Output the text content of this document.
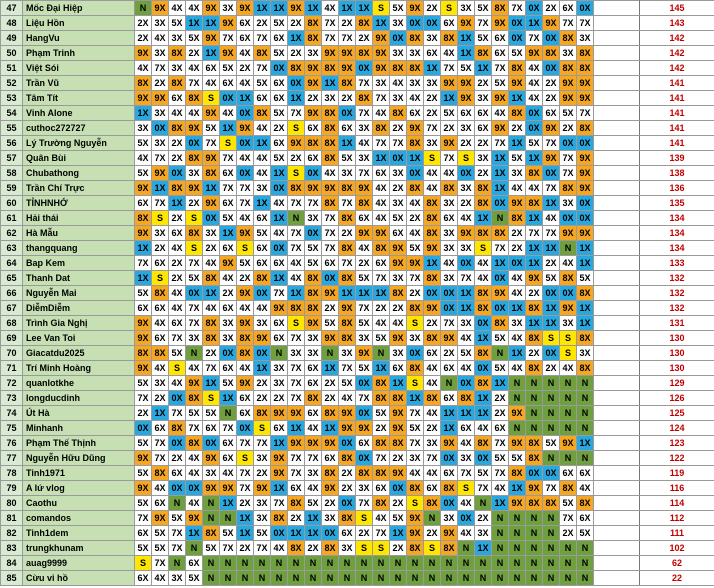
47	Mốc Đại Hiệp	N	9X	4X	4X	9X	3X	9X	1X	1X	9X	1X	4X	1X	1X	S	5X	9X	2X	S	3X	5X	8X	7X	0X	2X	6X	0X		145
48	Liệu Hồn	2X	3X	5X	1X	1X	9X	6X	2X	5X	2X	8X	7X	2X	8X	1X	3X	0X	0X	6X	9X	7X	9X	0X	1X	9X	7X	7X		143
49	HangVu	2X	4X	3X	5X	9X	7X	6X	7X	6X	1X	8X	7X	7X	2X	9X	0X	8X	3X	8X	1X	5X	6X	0X	7X	0X	8X	3X		142
50	Phạm Trinh	9X	3X	8X	2X	1X	9X	4X	8X	5X	2X	3X	9X	9X	8X	9X	3X	3X	6X	4X	1X	8X	6X	5X	9X	8X	3X	8X		142
51	Việt Sói	4X	7X	3X	4X	6X	5X	2X	7X	0X	8X	9X	8X	9X	0X	9X	8X	8X	1X	7X	5X	1X	7X	8X	4X	0X	8X	8X		142
52	Trần Vũ	8X	2X	8X	7X	4X	6X	4X	5X	6X	0X	9X	1X	8X	7X	3X	4X	3X	3X	9X	9X	2X	5X	9X	4X	2X	9X	9X		141
53	Tâm Tít	9X	9X	6X	8X	S	0X	1X	6X	6X	1X	2X	3X	2X	8X	7X	3X	4X	2X	1X	9X	3X	9X	1X	4X	2X	9X	9X		141
54	Vinh Alone	1X	3X	4X	4X	9X	4X	0X	8X	5X	7X	9X	8X	0X	7X	4X	8X	6X	2X	5X	6X	6X	4X	8X	0X	6X	5X	7X		141
55	cuthoc272727	3X	0X	8X	9X	5X	1X	9X	4X	2X	S	6X	8X	6X	3X	8X	2X	9X	7X	2X	3X	6X	9X	2X	0X	9X	2X	8X		141
56	Lý Trường Nguyễn	5X	3X	2X	0X	7X	S	0X	1X	6X	9X	8X	8X	1X	4X	7X	7X	8X	3X	9X	2X	2X	7X	1X	5X	7X	0X	0X		141
57	Quân Bùi	4X	7X	2X	8X	9X	7X	4X	4X	5X	2X	6X	8X	5X	3X	1X	0X	1X	S	7X	S	3X	1X	5X	1X	9X	7X	9X		139
58	Chubathong	5X	9X	0X	3X	8X	6X	0X	4X	1X	S	0X	4X	3X	7X	6X	3X	0X	4X	4X	0X	2X	1X	3X	8X	0X	7X	9X		138
59	Trần Chí Trực	9X	1X	8X	9X	1X	7X	7X	3X	0X	8X	9X	9X	8X	9X	4X	2X	8X	4X	8X	3X	8X	1X	4X	4X	7X	8X	9X		136
60	TỈNHNHỚ	6X	7X	1X	2X	9X	6X	7X	1X	4X	7X	7X	8X	7X	8X	4X	3X	4X	8X	3X	2X	8X	0X	9X	8X	1X	3X	0X		135
61	Hải thái	8X	S	2X	S	0X	5X	4X	6X	1X	N	3X	7X	8X	6X	4X	5X	2X	8X	6X	4X	1X	N	8X	1X	4X	0X	0X		134
62	Hà Mẫu	9X	3X	6X	8X	3X	1X	9X	5X	4X	7X	0X	7X	2X	9X	9X	6X	4X	8X	3X	9X	8X	8X	2X	7X	7X	9X	9X		134
63	thangquang	1X	2X	4X	S	2X	6X	S	6X	0X	7X	5X	7X	8X	4X	8X	9X	5X	9X	3X	3X	S	7X	2X	1X	1X	N	1X		134
64	Bap Kem	7X	6X	2X	7X	4X	9X	5X	6X	6X	4X	5X	6X	7X	2X	6X	9X	9X	1X	4X	0X	4X	1X	0X	1X	2X	4X	1X		133
65	Thanh Dat	1X	S	2X	5X	8X	4X	2X	8X	1X	4X	8X	0X	8X	5X	7X	3X	7X	8X	3X	7X	4X	0X	4X	9X	5X	8X	5X		132
66	Nguyễn Mai	5X	8X	4X	0X	1X	2X	9X	0X	7X	1X	8X	9X	1X	1X	1X	8X	2X	0X	0X	1X	8X	9X	4X	2X	0X	0X	8X		132
67	DiễmDiễm	6X	6X	4X	7X	4X	6X	4X	4X	9X	8X	8X	2X	9X	7X	2X	2X	8X	9X	0X	1X	8X	0X	1X	8X	1X	9X	1X		132
68	Trình Gia Nghị	9X	4X	6X	7X	8X	3X	9X	3X	6X	S	9X	5X	8X	5X	4X	4X	S	2X	7X	3X	0X	8X	3X	1X	1X	3X	1X		131
69	Lee Van Toi	9X	6X	7X	3X	8X	3X	8X	9X	6X	7X	3X	9X	8X	3X	5X	9X	3X	8X	9X	4X	1X	5X	4X	8X	S	S	8X		130
70	Giacatdu2025	8X	8X	5X	N	2X	0X	8X	0X	N	3X	3X	N	3X	9X	N	3X	0X	6X	2X	5X	8X	N	1X	2X	0X	S	3X		130
71	Trí Minh Hoàng	9X	4X	S	4X	7X	6X	4X	1X	3X	7X	6X	1X	7X	5X	1X	6X	8X	4X	6X	4X	0X	5X	4X	8X	2X	4X	8X		130
72	quanlotkhe	5X	3X	4X	9X	1X	5X	9X	2X	3X	7X	6X	2X	5X	0X	8X	1X	S	4X	N	0X	8X	1X	N	N	N	N	N		129
73	longducdinh	7X	2X	0X	8X	S	1X	6X	2X	2X	7X	8X	2X	4X	7X	8X	8X	1X	8X	6X	8X	1X	2X	N	N	N	N	N		126
74	Út Hà	2X	1X	7X	5X	5X	N	6X	8X	9X	9X	6X	8X	9X	0X	5X	9X	7X	4X	1X	1X	1X	2X	9X	N	N	N	N		125
75	Minhanh	0X	6X	8X	7X	6X	7X	0X	S	6X	1X	4X	1X	9X	9X	2X	9X	5X	2X	1X	6X	4X	6X	N	N	N	N	N		124
76	Phạm Thế Thịnh	5X	7X	0X	8X	0X	6X	7X	7X	1X	9X	9X	9X	0X	6X	8X	8X	7X	3X	9X	4X	8X	7X	9X	8X	5X	9X	1X		123
77	Nguyễn Hữu Dũng	9X	7X	2X	4X	9X	6X	S	3X	9X	7X	7X	6X	8X	0X	7X	2X	3X	7X	0X	3X	0X	5X	5X	8X	N	N	N		122
78	Tinh1971	5X	8X	6X	4X	3X	4X	7X	2X	9X	7X	3X	8X	2X	8X	8X	9X	4X	4X	6X	7X	5X	7X	8X	0X	0X	6X	6X		119
79	A lứ vlog	9X	4X	0X	0X	9X	9X	7X	9X	1X	6X	4X	9X	2X	3X	6X	0X	8X	6X	8X	S	7X	4X	1X	9X	7X	8X	4X		116
80	Caothu	5X	6X	N	4X	N	1X	2X	3X	7X	8X	5X	2X	0X	7X	8X	2X	S	8X	0X	4X	N	1X	9X	8X	8X	5X	8X		114
81	comandos	7X	9X	5X	9X	N	N	1X	3X	8X	2X	1X	3X	8X	S	4X	5X	9X	N	3X	0X	2X	N	N	N	N	7X	6X		112
82	Tinh1dem	6X	5X	7X	1X	8X	5X	1X	5X	0X	1X	1X	0X	6X	2X	7X	1X	9X	2X	9X	4X	3X	N	N	N	N	2X	5X		111
83	trungkhunam	5X	5X	7X	N	5X	7X	2X	7X	4X	8X	2X	8X	3X	S	S	2X	8X	S	8X	N	1X	N	N	N	N	N	N		102
84	auag9999	S	7X	N	6X	N	N	N	N	N	N	N	N	N	N	N	N	N	N	N	N	N	N	N	N	N	N	N		62
85	Cừu vi hồ	6X	4X	3X	5X	N	N	N	N	N	N	N	N	N	N	N	N	N	N	N	N	N	N	N	N	N	N	N		22
